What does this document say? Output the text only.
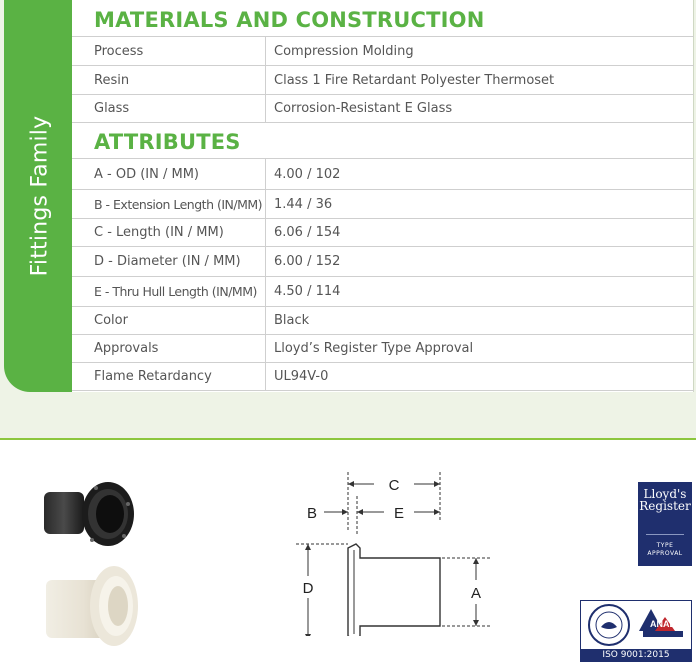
Fittings Family
MATERIALS AND CONSTRUCTION
Process	Compression Molding
Resin	Class 1 Fire Retardant Polyester Thermoset
Glass	Corrosion-Resistant E Glass
ATTRIBUTES
A - OD (IN / MM)	4.00 / 102
B - Extension Length (IN/MM) 1.44 / 36
C - Length (IN / MM)	6.06 / 154
D - Diameter (IN / MM)	6.00 / 152
E - Thru Hull Length (IN/MM) 4.50 / 114
Color	Black
Approvals	Lloyd’s Register Type Approval
Flame Retardancy	UL94V-0
C
B	E
D	A
Lloyd's
Register
TYPE
APPROVAL
ANAB
ISO 9001:2015
